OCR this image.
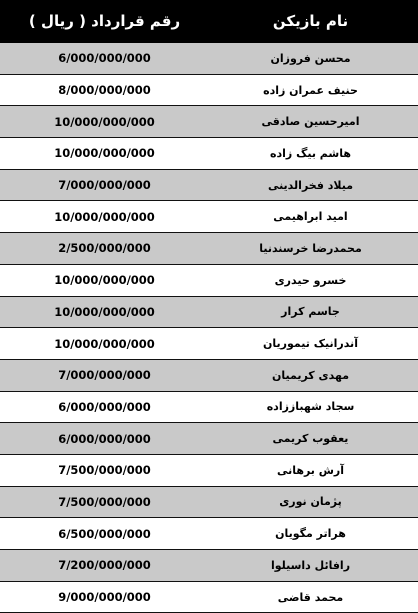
نام بازیکن
رقم قرارداد ( ریال )
محسن فروزان
6/000/000/000
حنیف عمران زاده
8/000/000/000
امیرحسین صادقی
10/000/000/000
هاشم بیگ زاده
10/000/000/000
میلاد فخرالدینی
7/000/000/000
امید ابراهیمی
10/000/000/000
محمدرضا خرسندنیا
2/500/000/000
خسرو حیدری
10/000/000/000
جاسم کرار
10/000/000/000
آندرانیک تیموریان
10/000/000/000
مهدی کریمیان
7/000/000/000
سجاد شهباززاده
6/000/000/000
یعقوب کریمی
6/000/000/000
آرش برهانی
7/500/000/000
پژمان نوری
7/500/000/000
هراتر مگویان
6/500/000/000
رافائل داسیلوا
7/200/000/000
محمد قاضی
9/000/000/000
